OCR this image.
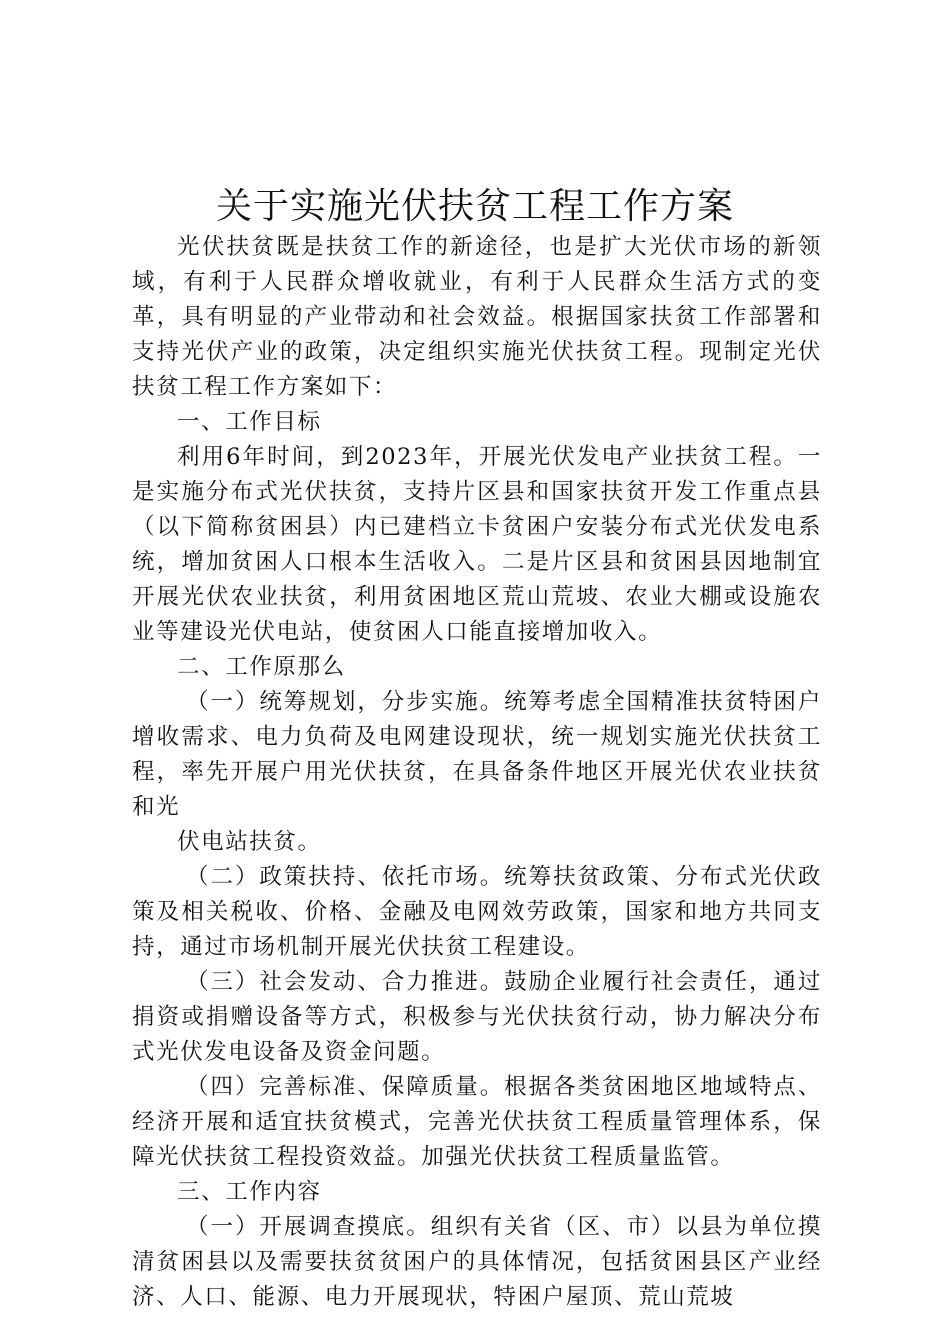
关于实施光伏扶贫工程工作方案

光伏扶贫既是扶贫工作的新途径，也是扩大光伏市场的新领域，有利于人民群众增收就业，有利于人民群众生活方式的变革，具有明显的产业带动和社会效益。根据国家扶贫工作部署和支持光伏产业的政策，决定组织实施光伏扶贫工程。现制定光伏扶贫工程工作方案如下：

一、工作目标

利用6年时间，到2023年，开展光伏发电产业扶贫工程。一是实施分布式光伏扶贫，支持片区县和国家扶贫开发工作重点县（以下简称贫困县）内已建档立卡贫困户安装分布式光伏发电系统，增加贫困人口根本生活收入。二是片区县和贫困县因地制宜开展光伏农业扶贫，利用贫困地区荒山荒坡、农业大棚或设施农业等建设光伏电站，使贫困人口能直接增加收入。

二、工作原那么

（一）统筹规划，分步实施。统筹考虑全国精准扶贫特困户增收需求、电力负荷及电网建设现状，统一规划实施光伏扶贫工程，率先开展户用光伏扶贫，在具备条件地区开展光伏农业扶贫和光

伏电站扶贫。

（二）政策扶持、依托市场。统筹扶贫政策、分布式光伏政策及相关税收、价格、金融及电网效劳政策，国家和地方共同支持，通过市场机制开展光伏扶贫工程建设。

（三）社会发动、合力推进。鼓励企业履行社会责任，通过捐资或捐赠设备等方式，积极参与光伏扶贫行动，协力解决分布式光伏发电设备及资金问题。

（四）完善标准、保障质量。根据各类贫困地区地域特点、经济开展和适宜扶贫模式，完善光伏扶贫工程质量管理体系，保障光伏扶贫工程投资效益。加强光伏扶贫工程质量监管。

三、工作内容

（一）开展调查摸底。组织有关省（区、市）以县为单位摸清贫困县以及需要扶贫贫困户的具体情况，包括贫困县区产业经济、人口、能源、电力开展现状，特困户屋顶、荒山荒坡
